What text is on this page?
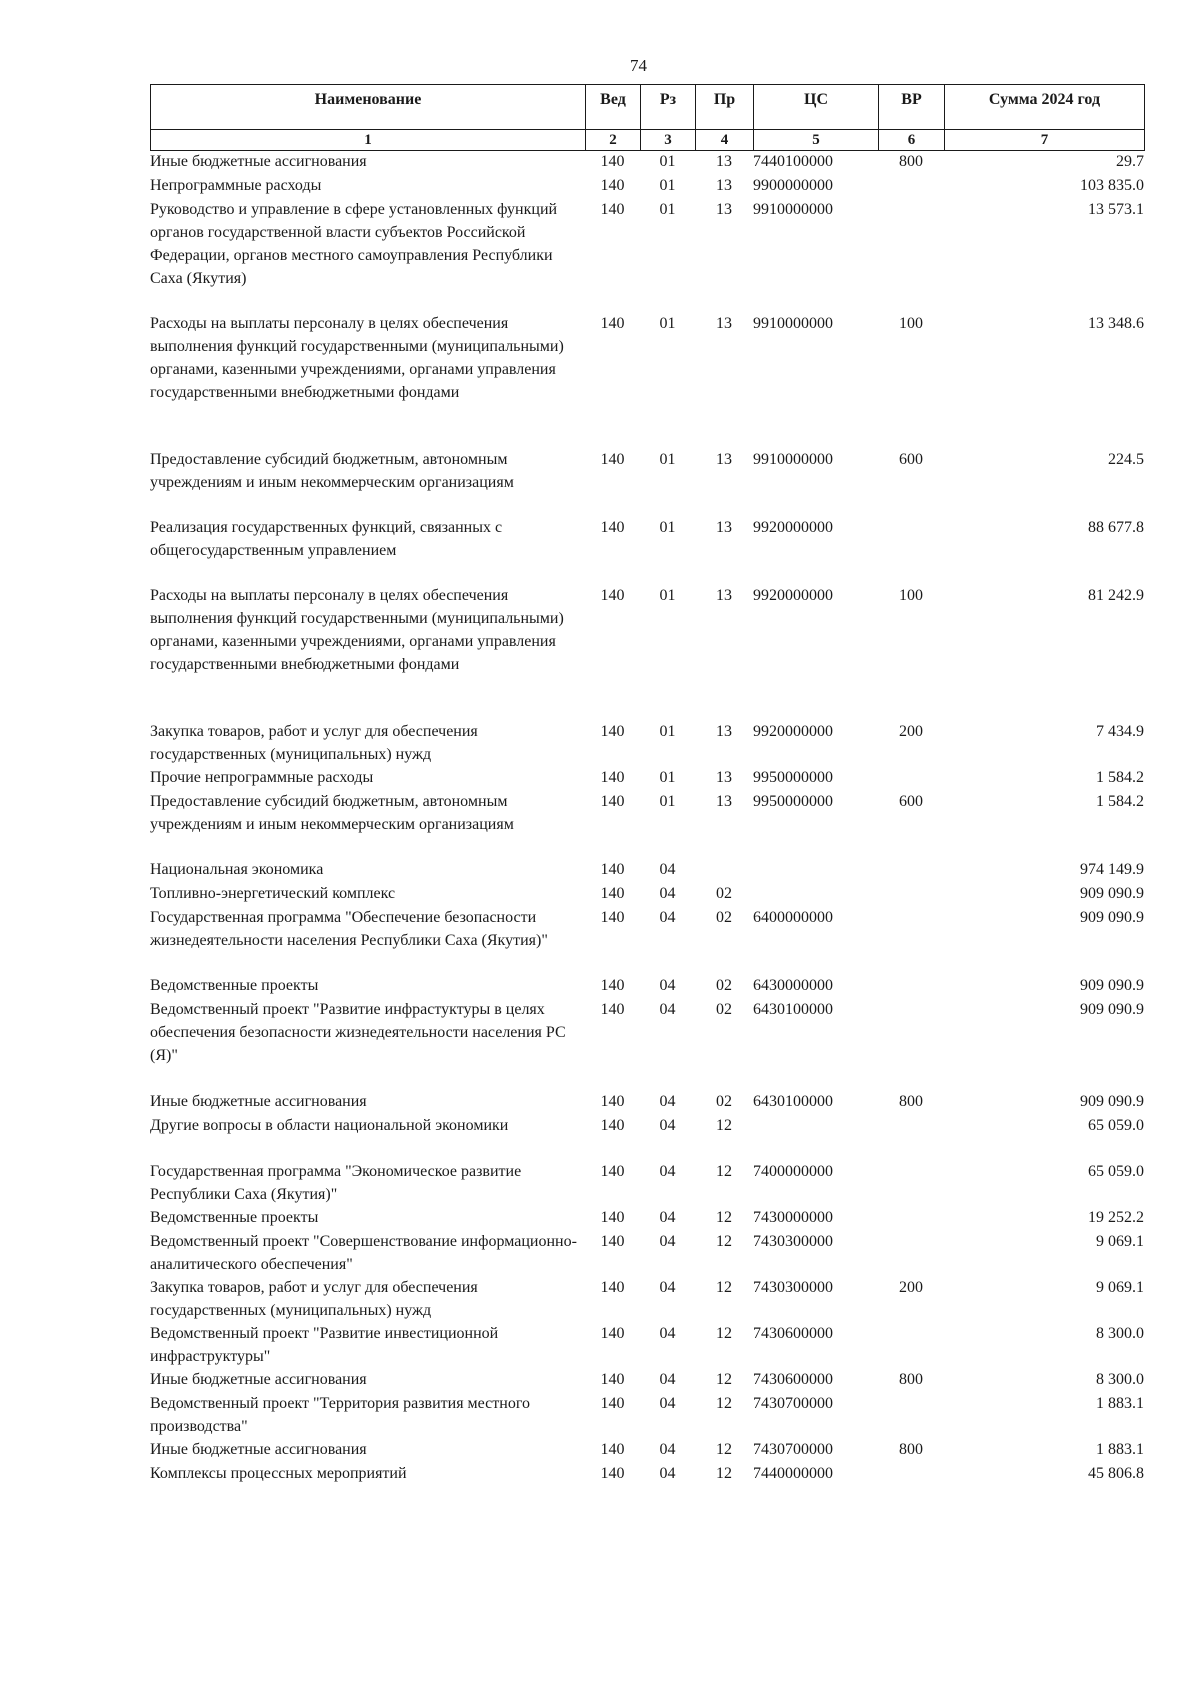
74
Наименование	Вед	Рз	Пр	ЦС	ВР	Сумма 2024 год
1	2	3	4	5	6	7
Иные бюджетные ассигнования	140	01	13	7440100000	800	29.7
Непрограммные расходы	140	01	13	9900000000		103 835.0
Руководство и управление в сфере установленных функций органов государственной власти субъектов Российской Федерации, органов местного самоуправления Республики Саха (Якутия)	140	01	13	9910000000		13 573.1
Расходы на выплаты персоналу в целях обеспечения выполнения функций государственными (муниципальными) органами, казенными учреждениями, органами управления государственными внебюджетными фондами	140	01	13	9910000000	100	13 348.6
Предоставление субсидий бюджетным, автономным учреждениям и иным некоммерческим организациям	140	01	13	9910000000	600	224.5
Реализация государственных функций, связанных с общегосударственным управлением	140	01	13	9920000000		88 677.8
Расходы на выплаты персоналу в целях обеспечения выполнения функций государственными (муниципальными) органами, казенными учреждениями, органами управления государственными внебюджетными фондами	140	01	13	9920000000	100	81 242.9
Закупка товаров, работ и услуг для обеспечения государственных (муниципальных) нужд	140	01	13	9920000000	200	7 434.9
Прочие непрограммные расходы	140	01	13	9950000000		1 584.2
Предоставление субсидий бюджетным, автономным учреждениям и иным некоммерческим организациям	140	01	13	9950000000	600	1 584.2
Национальная экономика	140	04				974 149.9
Топливно-энергетический комплекс	140	04	02			909 090.9
Государственная программа "Обеспечение безопасности жизнедеятельности населения Республики Саха (Якутия)"	140	04	02	6400000000		909 090.9
Ведомственные проекты	140	04	02	6430000000		909 090.9
Ведомственный проект "Развитие инфрастуктуры в целях обеспечения безопасности жизнедеятельности населения РС (Я)"	140	04	02	6430100000		909 090.9
Иные бюджетные ассигнования	140	04	02	6430100000	800	909 090.9
Другие вопросы в области национальной экономики	140	04	12			65 059.0
Государственная программа "Экономическое развитие Республики Саха (Якутия)"	140	04	12	7400000000		65 059.0
Ведомственные проекты	140	04	12	7430000000		19 252.2
Ведомственный проект "Совершенствование информационно-аналитического обеспечения"	140	04	12	7430300000		9 069.1
Закупка товаров, работ и услуг для обеспечения государственных (муниципальных) нужд	140	04	12	7430300000	200	9 069.1
Ведомственный проект "Развитие инвестиционной инфраструктуры"	140	04	12	7430600000		8 300.0
Иные бюджетные ассигнования	140	04	12	7430600000	800	8 300.0
Ведомственный проект "Территория развития местного производства"	140	04	12	7430700000		1 883.1
Иные бюджетные ассигнования	140	04	12	7430700000	800	1 883.1
Комплексы процессных мероприятий	140	04	12	7440000000		45 806.8
